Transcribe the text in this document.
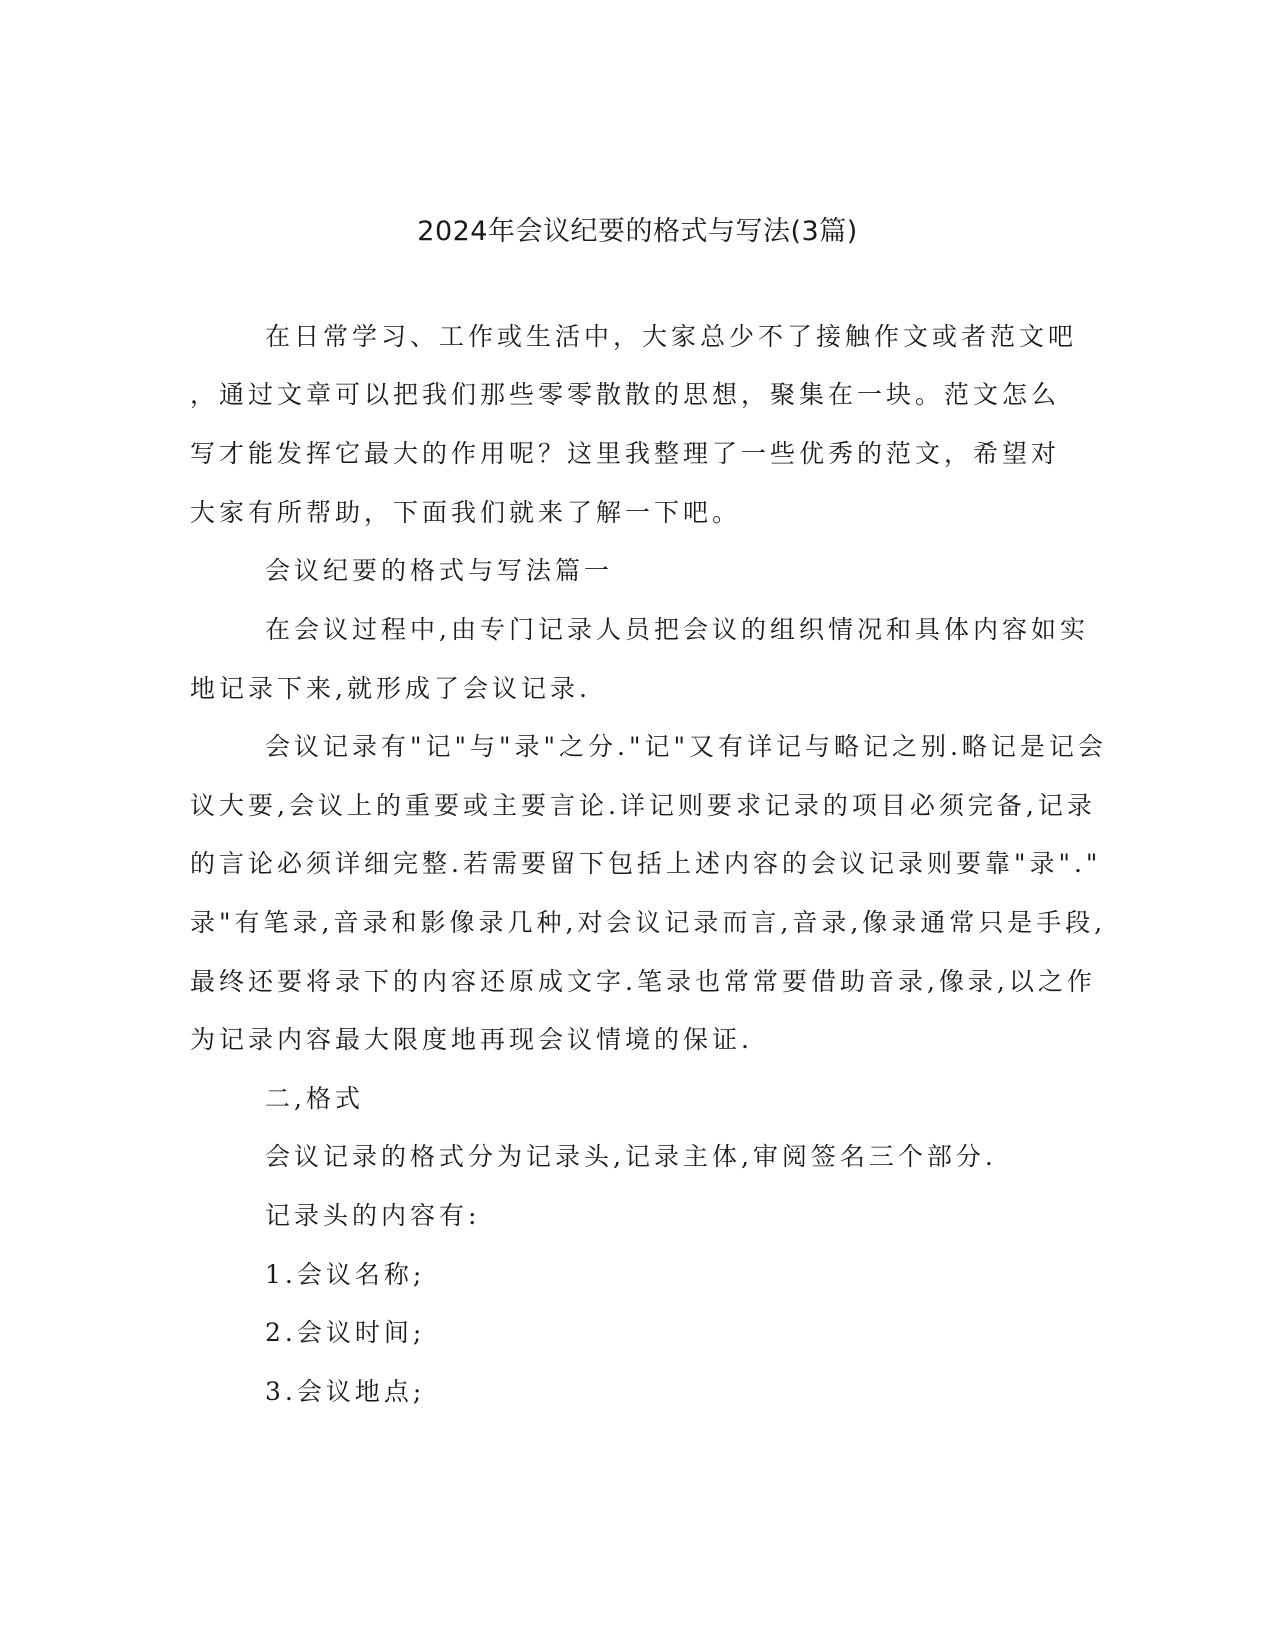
2024年会议纪要的格式与写法(3篇)
在日常学习、工作或生活中，大家总少不了接触作文或者范文吧
，通过文章可以把我们那些零零散散的思想，聚集在一块。范文怎么
写才能发挥它最大的作用呢？这里我整理了一些优秀的范文，希望对
大家有所帮助，下面我们就来了解一下吧。
会议纪要的格式与写法篇一
在会议过程中,由专门记录人员把会议的组织情况和具体内容如实
地记录下来,就形成了会议记录.
会议记录有"记"与"录"之分."记"又有详记与略记之别.略记是记会
议大要,会议上的重要或主要言论.详记则要求记录的项目必须完备,记录
的言论必须详细完整.若需要留下包括上述内容的会议记录则要靠"录"."
录"有笔录,音录和影像录几种,对会议记录而言,音录,像录通常只是手段,
最终还要将录下的内容还原成文字.笔录也常常要借助音录,像录,以之作
为记录内容最大限度地再现会议情境的保证.
二,格式
会议记录的格式分为记录头,记录主体,审阅签名三个部分.
记录头的内容有:
1.会议名称;
2.会议时间;
3.会议地点;
